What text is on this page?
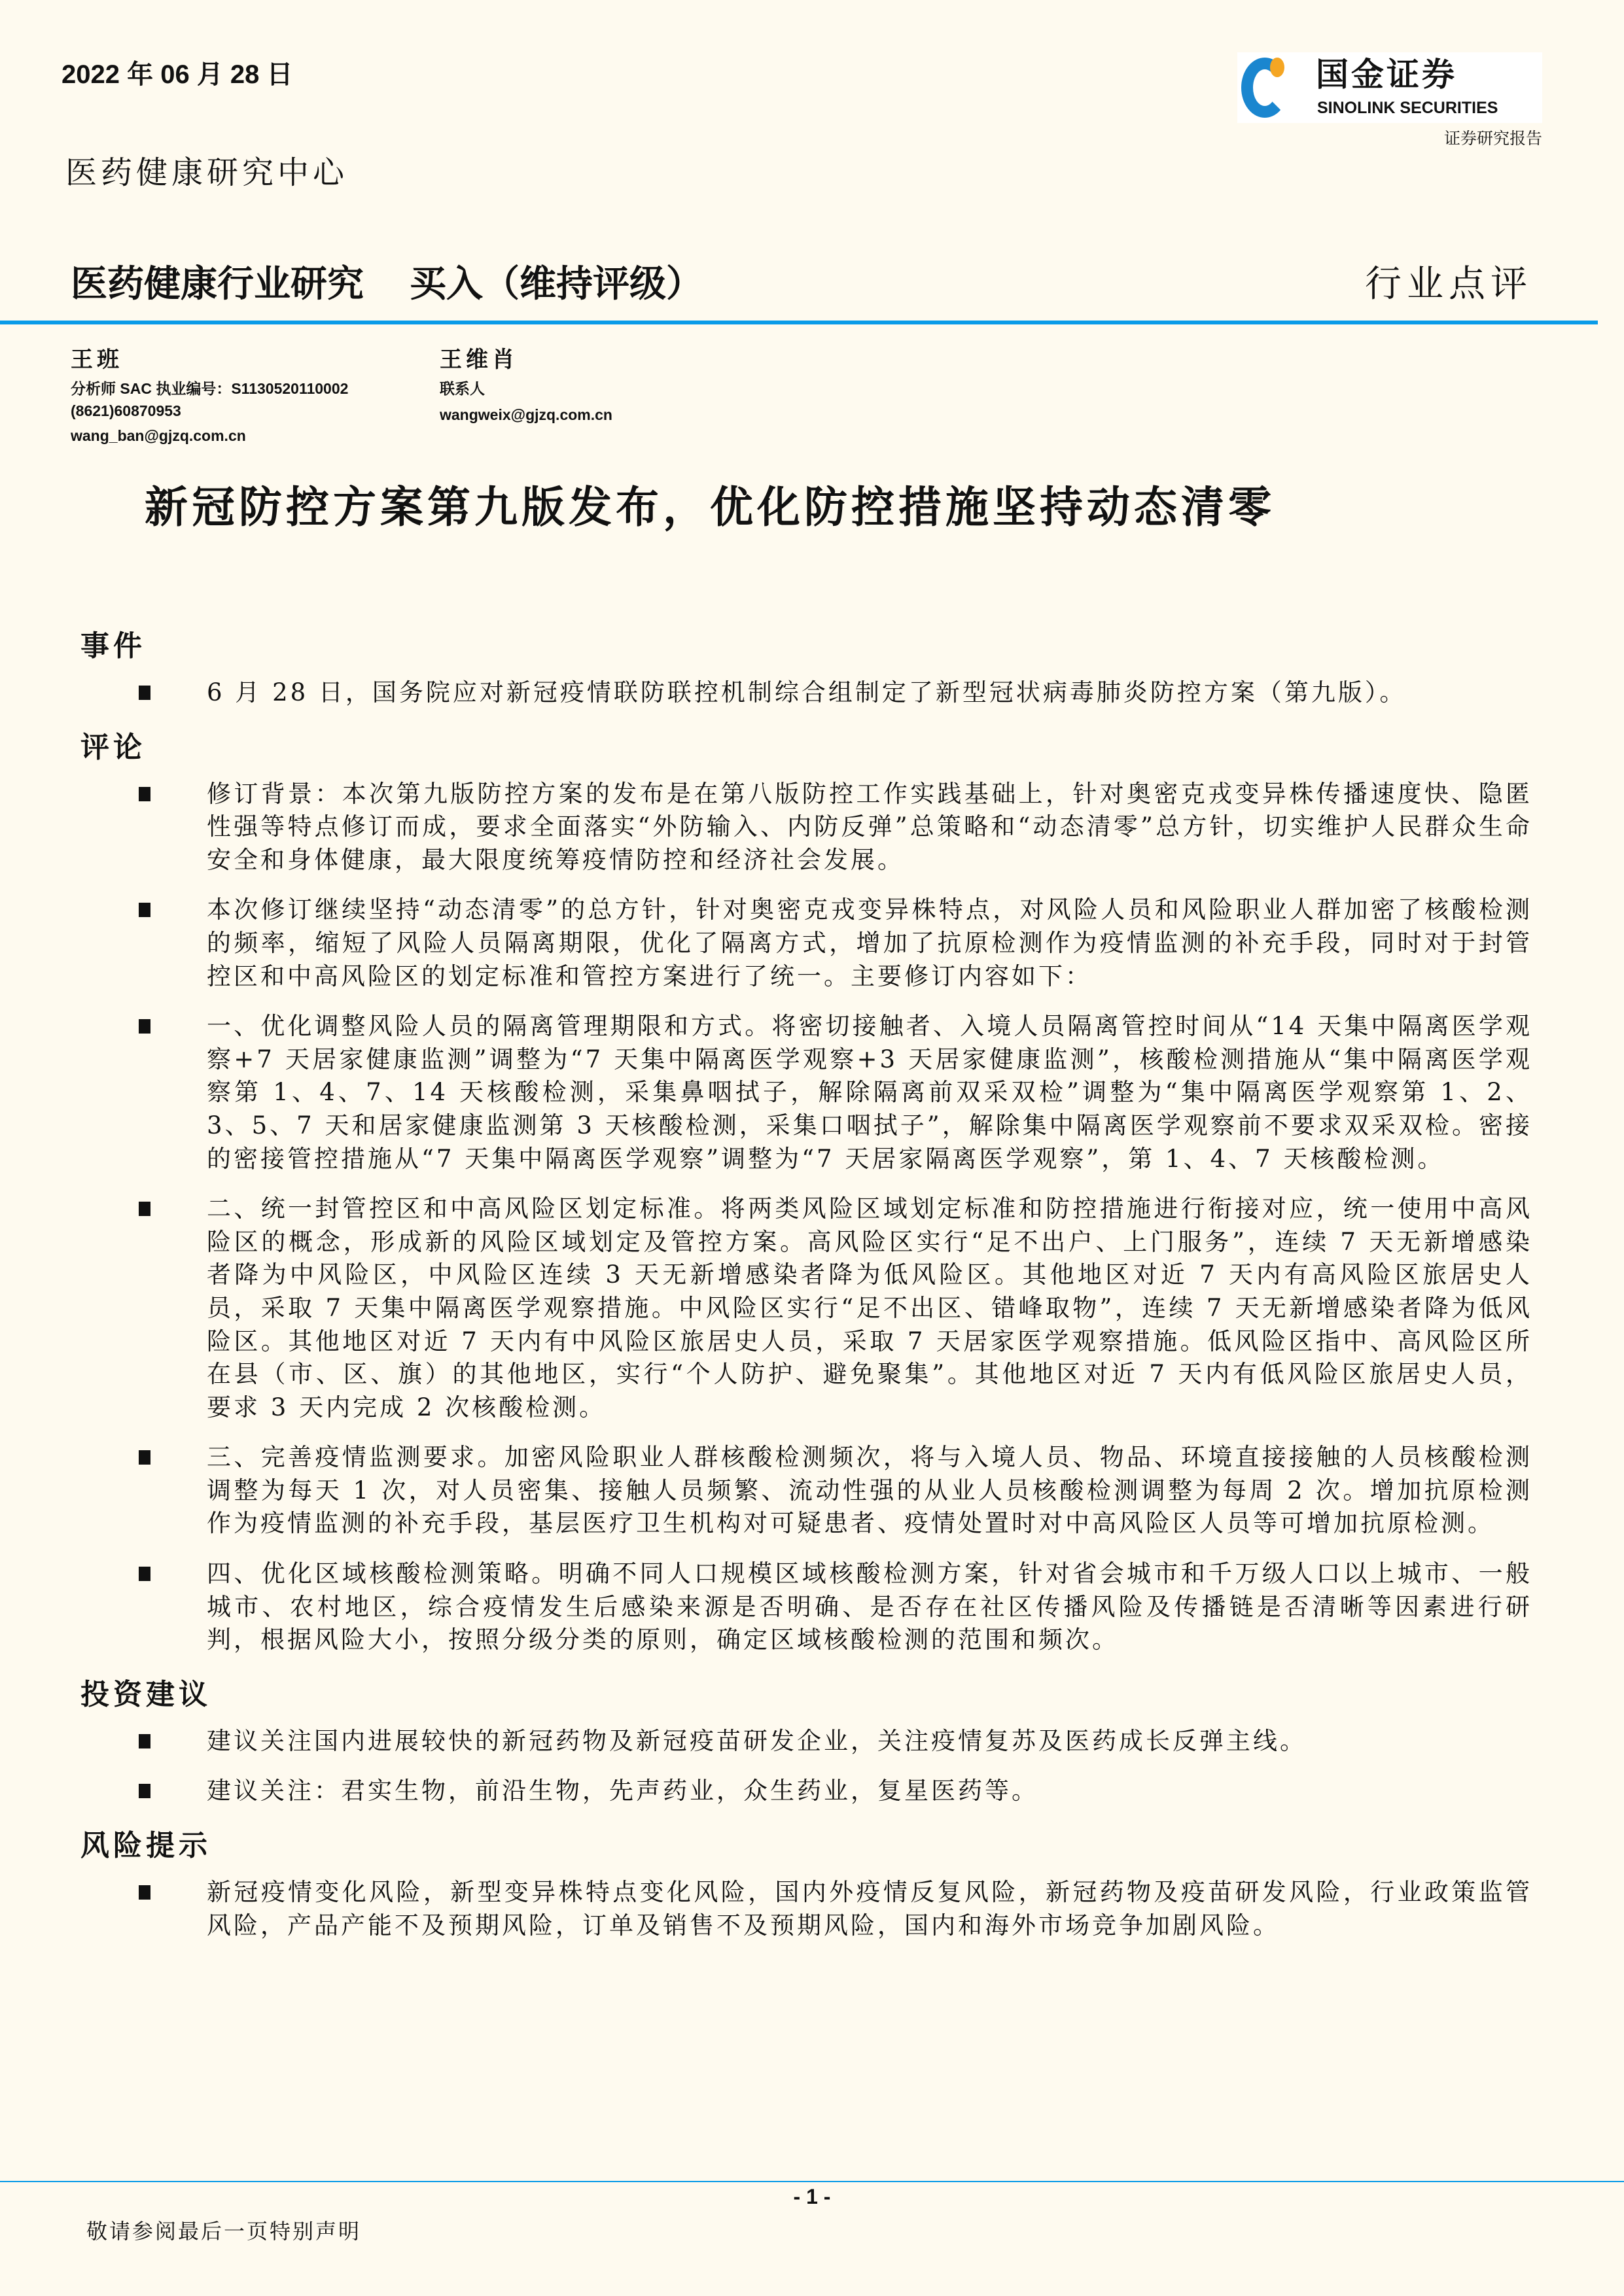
2022 年 06 月 28 日	国金证券
SINOLINK SECURITIES
证券研究报告
医药健康研究中心
医药健康行业研究 买入（维持评级）	行业点评
王班
分析师 SAC 执业编号：S1130520110002
(8621)60870953
wang_ban@gjzq.com.cn
王维肖
联系人
wangweix@gjzq.com.cn
新冠防控方案第九版发布，优化防控措施坚持动态清零
事件
6 月 28 日，国务院应对新冠疫情联防联控机制综合组制定了新型冠状病毒肺炎防控方案（第九版）。
评论
修订背景：本次第九版防控方案的发布是在第八版防控工作实践基础上，针对奥密克戎变异株传播速度快、隐匿性强等特点修订而成，要求全面落实“外防输入、内防反弹”总策略和“动态清零”总方针，切实维护人民群众生命安全和身体健康，最大限度统筹疫情防控和经济社会发展。
本次修订继续坚持“动态清零”的总方针，针对奥密克戎变异株特点，对风险人员和风险职业人群加密了核酸检测的频率，缩短了风险人员隔离期限，优化了隔离方式，增加了抗原检测作为疫情监测的补充手段，同时对于封管控区和中高风险区的划定标准和管控方案进行了统一。主要修订内容如下：
一、优化调整风险人员的隔离管理期限和方式。将密切接触者、入境人员隔离管控时间从“14 天集中隔离医学观察+7 天居家健康监测”调整为“7 天集中隔离医学观察+3 天居家健康监测”，核酸检测措施从“集中隔离医学观察第 1、4、7、14 天核酸检测，采集鼻咽拭子，解除隔离前双采双检”调整为“集中隔离医学观察第 1、2、3、5、7 天和居家健康监测第 3 天核酸检测，采集口咽拭子”，解除集中隔离医学观察前不要求双采双检。密接的密接管控措施从“7 天集中隔离医学观察”调整为“7 天居家隔离医学观察”，第 1、4、7 天核酸检测。
二、统一封管控区和中高风险区划定标准。将两类风险区域划定标准和防控措施进行衔接对应，统一使用中高风险区的概念，形成新的风险区域划定及管控方案。高风险区实行“足不出户、上门服务”，连续 7 天无新增感染者降为中风险区，中风险区连续 3 天无新增感染者降为低风险区。其他地区对近 7 天内有高风险区旅居史人员，采取 7 天集中隔离医学观察措施。中风险区实行“足不出区、错峰取物”，连续 7 天无新增感染者降为低风险区。其他地区对近 7 天内有中风险区旅居史人员，采取 7 天居家医学观察措施。低风险区指中、高风险区所在县（市、区、旗）的其他地区，实行“个人防护、避免聚集”。其他地区对近 7 天内有低风险区旅居史人员，要求 3 天内完成 2 次核酸检测。
三、完善疫情监测要求。加密风险职业人群核酸检测频次，将与入境人员、物品、环境直接接触的人员核酸检测调整为每天 1 次，对人员密集、接触人员频繁、流动性强的从业人员核酸检测调整为每周 2 次。增加抗原检测作为疫情监测的补充手段，基层医疗卫生机构对可疑患者、疫情处置时对中高风险区人员等可增加抗原检测。
四、优化区域核酸检测策略。明确不同人口规模区域核酸检测方案，针对省会城市和千万级人口以上城市、一般城市、农村地区，综合疫情发生后感染来源是否明确、是否存在社区传播风险及传播链是否清晰等因素进行研判，根据风险大小，按照分级分类的原则，确定区域核酸检测的范围和频次。
投资建议
建议关注国内进展较快的新冠药物及新冠疫苗研发企业，关注疫情复苏及医药成长反弹主线。
建议关注：君实生物，前沿生物，先声药业，众生药业，复星医药等。
风险提示
新冠疫情变化风险，新型变异株特点变化风险，国内外疫情反复风险，新冠药物及疫苗研发风险，行业政策监管风险，产品产能不及预期风险，订单及销售不及预期风险，国内和海外市场竞争加剧风险。
- 1 -
敬请参阅最后一页特别声明
